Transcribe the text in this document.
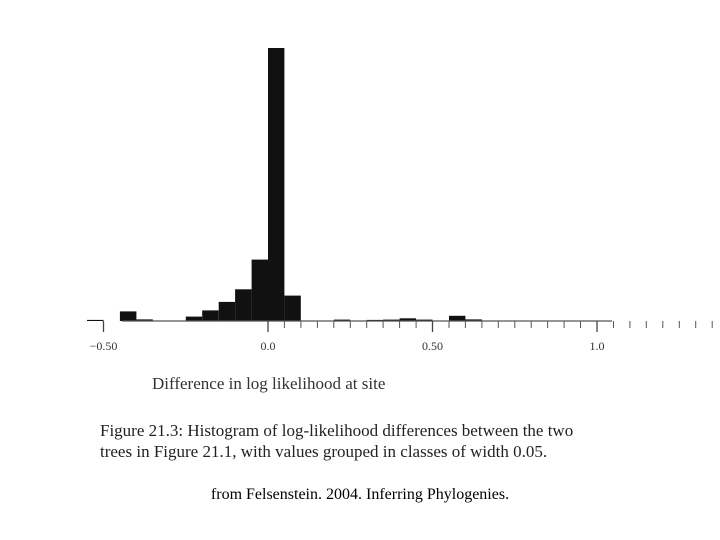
−0.50	0.0	0.50	1.0
Difference in log likelihood at site
Figure 21.3: Histogram of log-likelihood differences between the two
trees in Figure 21.1, with values grouped in classes of width 0.05.
from Felsenstein. 2004. Inferring Phylogenies.
